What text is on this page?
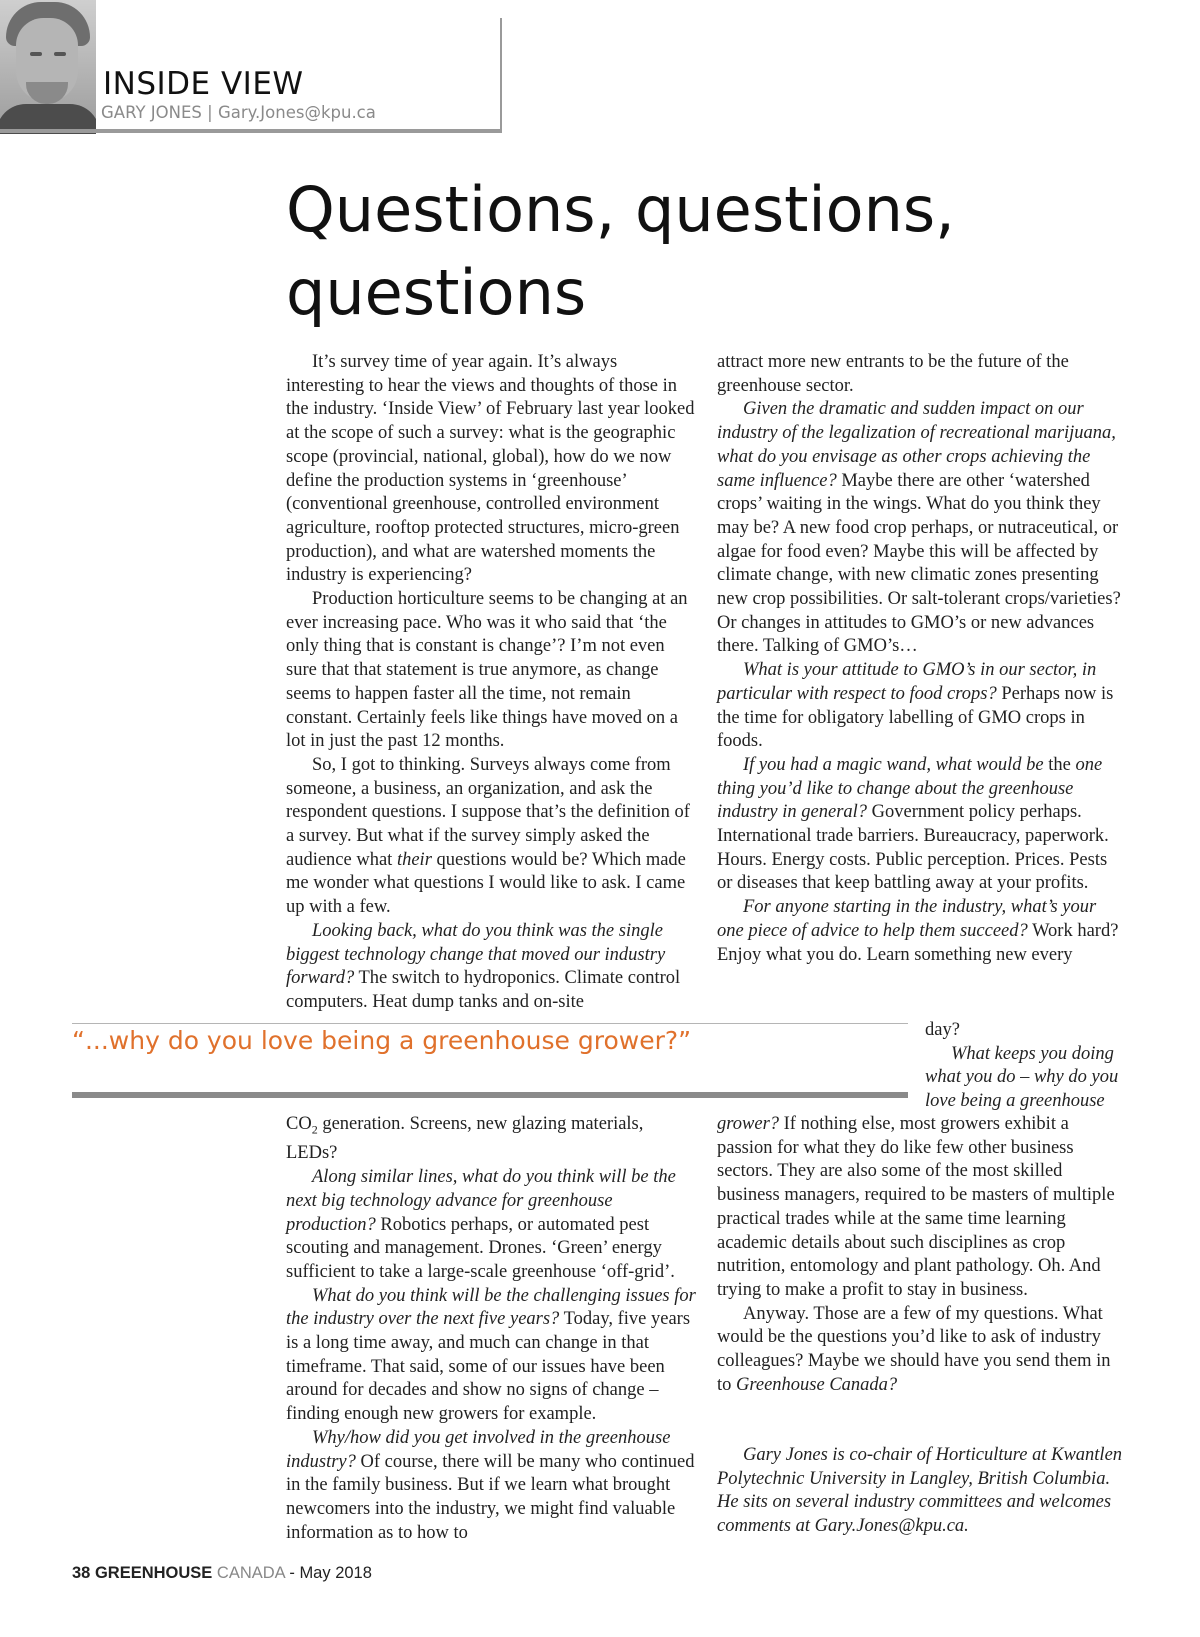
INSIDE VIEW
GARY JONES | Gary.Jones@kpu.ca
Questions, questions, questions

It’s survey time of year again. It’s always interesting to hear the views and thoughts of those in the industry. ‘Inside View’ of February last year looked at the scope of such a survey: what is the geographic scope (provincial, national, global), how do we now define the production systems in ‘greenhouse’ (conventional greenhouse, controlled environment agriculture, rooftop protected structures, micro-green production), and what are watershed moments the industry is experiencing?

Production horticulture seems to be changing at an ever increasing pace. Who was it who said that ‘the only thing that is constant is change’? I’m not even sure that that statement is true anymore, as change seems to happen faster all the time, not remain constant. Certainly feels like things have moved on a lot in just the past 12 months.

So, I got to thinking. Surveys always come from someone, a business, an organization, and ask the respondent questions. I suppose that’s the definition of a survey. But what if the survey simply asked the audience what their questions would be? Which made me wonder what questions I would like to ask. I came up with a few.

Looking back, what do you think was the single biggest technology change that moved our industry forward? The switch to hydroponics. Climate control computers. Heat dump tanks and on-site

“...why do you love being a greenhouse grower?”

$CO_2$ generation. Screens, new glazing materials, LEDs?

Along similar lines, what do you think will be the next big technology advance for greenhouse production? Robotics perhaps, or automated pest scouting and management. Drones. ‘Green’ energy sufficient to take a large-scale greenhouse ‘off-grid’.

What do you think will be the challenging issues for the industry over the next five years? Today, five years is a long time away, and much can change in that timeframe. That said, some of our issues have been around for decades and show no signs of change – finding enough new growers for example.

Why/how did you get involved in the greenhouse industry? Of course, there will be many who continued in the family business. But if we learn what brought newcomers into the industry, we might find valuable information as to how to

attract more new entrants to be the future of the greenhouse sector.

Given the dramatic and sudden impact on our industry of the legalization of recreational marijuana, what do you envisage as other crops achieving the same influence? Maybe there are other ‘watershed crops’ waiting in the wings. What do you think they may be? A new food crop perhaps, or nutraceutical, or algae for food even? Maybe this will be affected by climate change, with new climatic zones presenting new crop possibilities. Or salt-tolerant crops/varieties? Or changes in attitudes to GMO’s or new advances there. Talking of GMO’s…

What is your attitude to GMO’s in our sector, in particular with respect to food crops? Perhaps now is the time for obligatory labelling of GMO crops in foods.

If you had a magic wand, what would be the one thing you’d like to change about the greenhouse industry in general? Government policy perhaps. International trade barriers. Bureaucracy, paperwork. Hours. Energy costs. Public perception. Prices. Pests or diseases that keep battling away at your profits.

For anyone starting in the industry, what’s your one piece of advice to help them succeed? Work hard? Enjoy what you do. Learn something new every

day?

What keeps you doing what you do – why do you love being a greenhouse

grower? If nothing else, most growers exhibit a passion for what they do like few other business sectors. They are also some of the most skilled business managers, required to be masters of multiple practical trades while at the same time learning academic details about such disciplines as crop nutrition, entomology and plant pathology. Oh. And trying to make a profit to stay in business.

Anyway. Those are a few of my questions. What would be the questions you’d like to ask of industry colleagues? Maybe we should have you send them in to Greenhouse Canada?

Gary Jones is co-chair of Horticulture at Kwantlen Polytechnic University in Langley, British Columbia. He sits on several industry committees and welcomes comments at Gary.Jones@kpu.ca.
38 GREENHOUSE CANADA - May 2018
